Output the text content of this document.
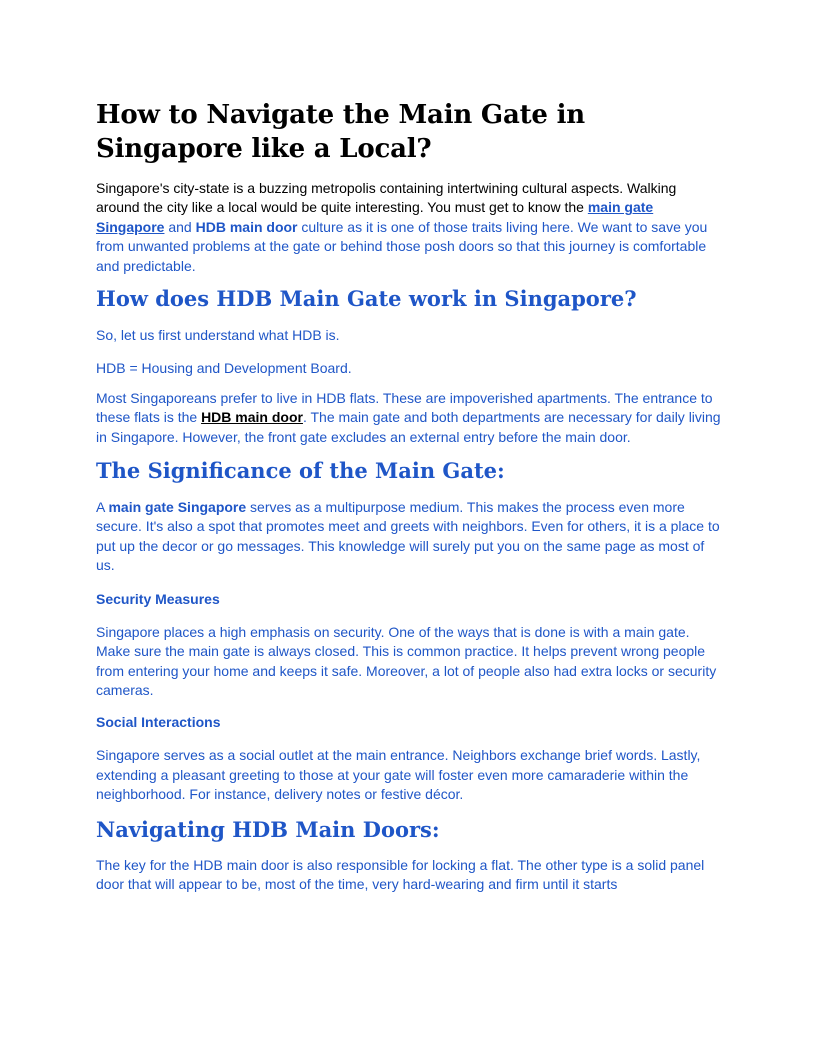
How to Navigate the Main Gate in Singapore like a Local?

Singapore's city-state is a buzzing metropolis containing intertwining cultural aspects. Walking around the city like a local would be quite interesting. You must get to know the main gate Singapore and HDB main door culture as it is one of those traits living here. We want to save you from unwanted problems at the gate or behind those posh doors so that this journey is comfortable and predictable.

How does HDB Main Gate work in Singapore?

So, let us first understand what HDB is.

HDB = Housing and Development Board.

Most Singaporeans prefer to live in HDB flats. These are impoverished apartments. The entrance to these flats is the HDB main door. The main gate and both departments are necessary for daily living in Singapore. However, the front gate excludes an external entry before the main door.

The Significance of the Main Gate:

A main gate Singapore serves as a multipurpose medium. This makes the process even more secure. It's also a spot that promotes meet and greets with neighbors. Even for others, it is a place to put up the decor or go messages. This knowledge will surely put you on the same page as most of us.

Security Measures

Singapore places a high emphasis on security. One of the ways that is done is with a main gate. Make sure the main gate is always closed. This is common practice. It helps prevent wrong people from entering your home and keeps it safe. Moreover, a lot of people also had extra locks or security cameras.

Social Interactions

Singapore serves as a social outlet at the main entrance. Neighbors exchange brief words. Lastly, extending a pleasant greeting to those at your gate will foster even more camaraderie within the neighborhood. For instance, delivery notes or festive décor.

Navigating HDB Main Doors:

The key for the HDB main door is also responsible for locking a flat. The other type is a solid panel door that will appear to be, most of the time, very hard-wearing and firm until it starts
